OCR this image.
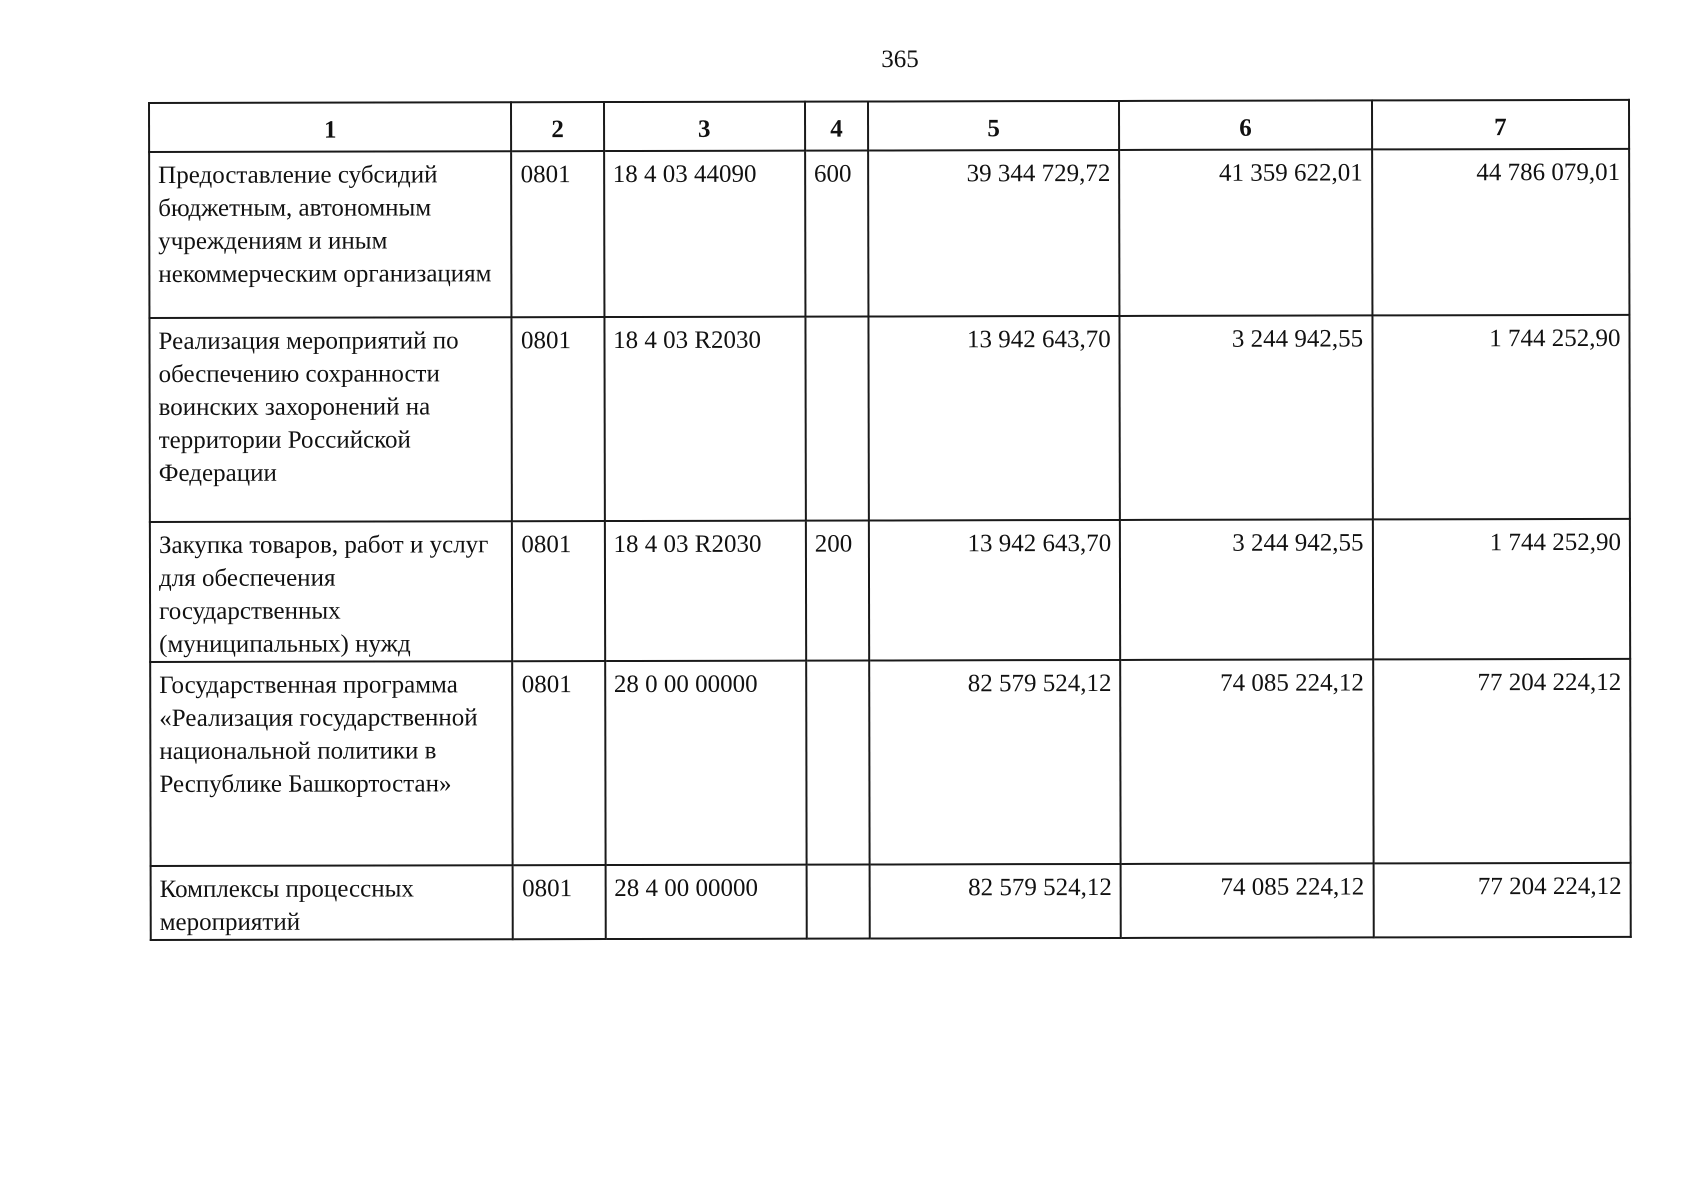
365
1	2	3	4	5	6	7
Предоставление субсидий бюджетным, автономным учреждениям и иным некоммерческим организациям	0801	18 4 03 44090	600	39 344 729,72	41 359 622,01	44 786 079,01
Реализация мероприятий по обеспечению сохранности воинских захоронений на территории Российской Федерации	0801	18 4 03 R2030		13 942 643,70	3 244 942,55	1 744 252,90
Закупка товаров, работ и услуг для обеспечения государственных (муниципальных) нужд	0801	18 4 03 R2030	200	13 942 643,70	3 244 942,55	1 744 252,90
Государственная программа «Реализация государственной национальной политики в Республике Башкортостан»	0801	28 0 00 00000		82 579 524,12	74 085 224,12	77 204 224,12
Комплексы процессных мероприятий	0801	28 4 00 00000		82 579 524,12	74 085 224,12	77 204 224,12
